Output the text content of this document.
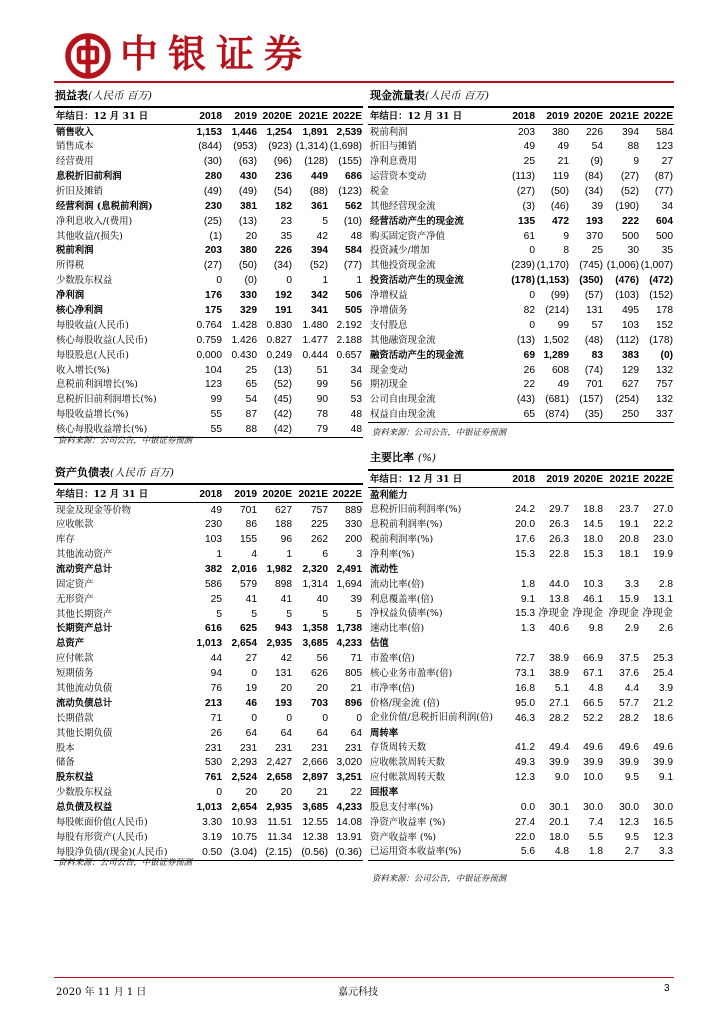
中银证券
损益表(人民币 百万)
年结日：12 月 31 日	2018	2019	2020E	2021E	2022E
销售收入	1,153	1,446	1,254	1,891	2,539
销售成本	(844)	(953)	(923)	(1,314)	(1,698)
经营费用	(30)	(63)	(96)	(128)	(155)
息税折旧前利润	280	430	236	449	686
折旧及摊销	(49)	(49)	(54)	(88)	(123)
经营利润 (息税前利润)	230	381	182	361	562
净利息收入/(费用)	(25)	(13)	23	5	(10)
其他收益/(损失)	(1)	20	35	42	48
税前利润	203	380	226	394	584
所得税	(27)	(50)	(34)	(52)	(77)
少数股东权益	0	(0)	0	1	1
净利润	176	330	192	342	506
核心净利润	175	329	191	341	505
每股收益(人民币)	0.764	1.428	0.830	1.480	2.192
核心每股收益(人民币)	0.759	1.426	0.827	1.477	2.188
每股股息(人民币)	0.000	0.430	0.249	0.444	0.657
收入增长(%)	104	25	(13)	51	34
息税前利润增长(%)	123	65	(52)	99	56
息税折旧前利润增长(%)	99	54	(45)	90	53
每股收益增长(%)	55	87	(42)	78	48
核心每股收益增长(%)	55	88	(42)	79	48
资料来源：公司公告，中银证券预测
资产负债表(人民币 百万)
年结日：12 月 31 日	2018	2019	2020E	2021E	2022E
现金及现金等价物	49	701	627	757	889
应收帐款	230	86	188	225	330
库存	103	155	96	262	200
其他流动资产	1	4	1	6	3
流动资产总计	382	2,016	1,982	2,320	2,491
固定资产	586	579	898	1,314	1,694
无形资产	25	41	41	40	39
其他长期资产	5	5	5	5	5
长期资产总计	616	625	943	1,358	1,738
总资产	1,013	2,654	2,935	3,685	4,233
应付帐款	44	27	42	56	71
短期债务	94	0	131	626	805
其他流动负债	76	19	20	20	21
流动负债总计	213	46	193	703	896
长期借款	71	0	0	0	0
其他长期负债	26	64	64	64	64
股本	231	231	231	231	231
储备	530	2,293	2,427	2,666	3,020
股东权益	761	2,524	2,658	2,897	3,251
少数股东权益	0	20	20	21	22
总负债及权益	1,013	2,654	2,935	3,685	4,233
每股帐面价值(人民币)	3.30	10.93	11.51	12.55	14.08
每股有形资产(人民币)	3.19	10.75	11.34	12.38	13.91
每股净负债/(现金)(人民币)	0.50	(3.04)	(2.15)	(0.56)	(0.36)
资料来源：公司公告，中银证券预测
现金流量表(人民币 百万)
年结日：12 月 31 日	2018	2019	2020E	2021E	2022E
税前利润	203	380	226	394	584
折旧与摊销	49	49	54	88	123
净利息费用	25	21	(9)	9	27
运营资本变动	(113)	119	(84)	(27)	(87)
税金	(27)	(50)	(34)	(52)	(77)
其他经营现金流	(3)	(46)	39	(190)	34
经营活动产生的现金流	135	472	193	222	604
购买固定资产净值	61	9	370	500	500
投资减少/增加	0	8	25	30	35
其他投资现金流	(239)	(1,170)	(745)	(1,006)	(1,007)
投资活动产生的现金流	(178)	(1,153)	(350)	(476)	(472)
净增权益	0	(99)	(57)	(103)	(152)
净增债务	82	(214)	131	495	178
支付股息	0	99	57	103	152
其他融资现金流	(13)	1,502	(48)	(112)	(178)
融资活动产生的现金流	69	1,289	83	383	(0)
现金变动	26	608	(74)	129	132
期初现金	22	49	701	627	757
公司自由现金流	(43)	(681)	(157)	(254)	132
权益自由现金流	65	(874)	(35)	250	337
资料来源：公司公告，中银证券预测
主要比率 (%)
年结日：12 月 31 日	2018	2019	2020E	2021E	2022E
盈利能力					
息税折旧前利润率(%)	24.2	29.7	18.8	23.7	27.0
息税前利润率(%)	20.0	26.3	14.5	19.1	22.2
税前利润率(%)	17.6	26.3	18.0	20.8	23.0
净利率(%)	15.3	22.8	15.3	18.1	19.9
流动性					
流动比率(倍)	1.8	44.0	10.3	3.3	2.8
利息覆盖率(倍)	9.1	13.8	46.1	15.9	13.1
净权益负债率(%)	15.3	净现金	净现金	净现金	净现金
速动比率(倍)	1.3	40.6	9.8	2.9	2.6
估值					
市盈率(倍)	72.7	38.9	66.9	37.5	25.3
核心业务市盈率(倍)	73.1	38.9	67.1	37.6	25.4
市净率(倍)	16.8	5.1	4.8	4.4	3.9
价格/现金流 (倍)	95.0	27.1	66.5	57.7	21.2
企业价值/息税折旧前利润(倍)	46.3	28.2	52.2	28.2	18.6
周转率					
存货周转天数	41.2	49.4	49.6	49.6	49.6
应收帐款周转天数	49.3	39.9	39.9	39.9	39.9
应付帐款周转天数	12.3	9.0	10.0	9.5	9.1
回报率					
股息支付率(%)	0.0	30.1	30.0	30.0	30.0
净资产收益率 (%)	27.4	20.1	7.4	12.3	16.5
资产收益率 (%)	22.0	18.0	5.5	9.5	12.3
已运用资本收益率(%)	5.6	4.8	1.8	2.7	3.3
资料来源：公司公告，中银证券预测
2020 年 11 月 1 日	嘉元科技	3
